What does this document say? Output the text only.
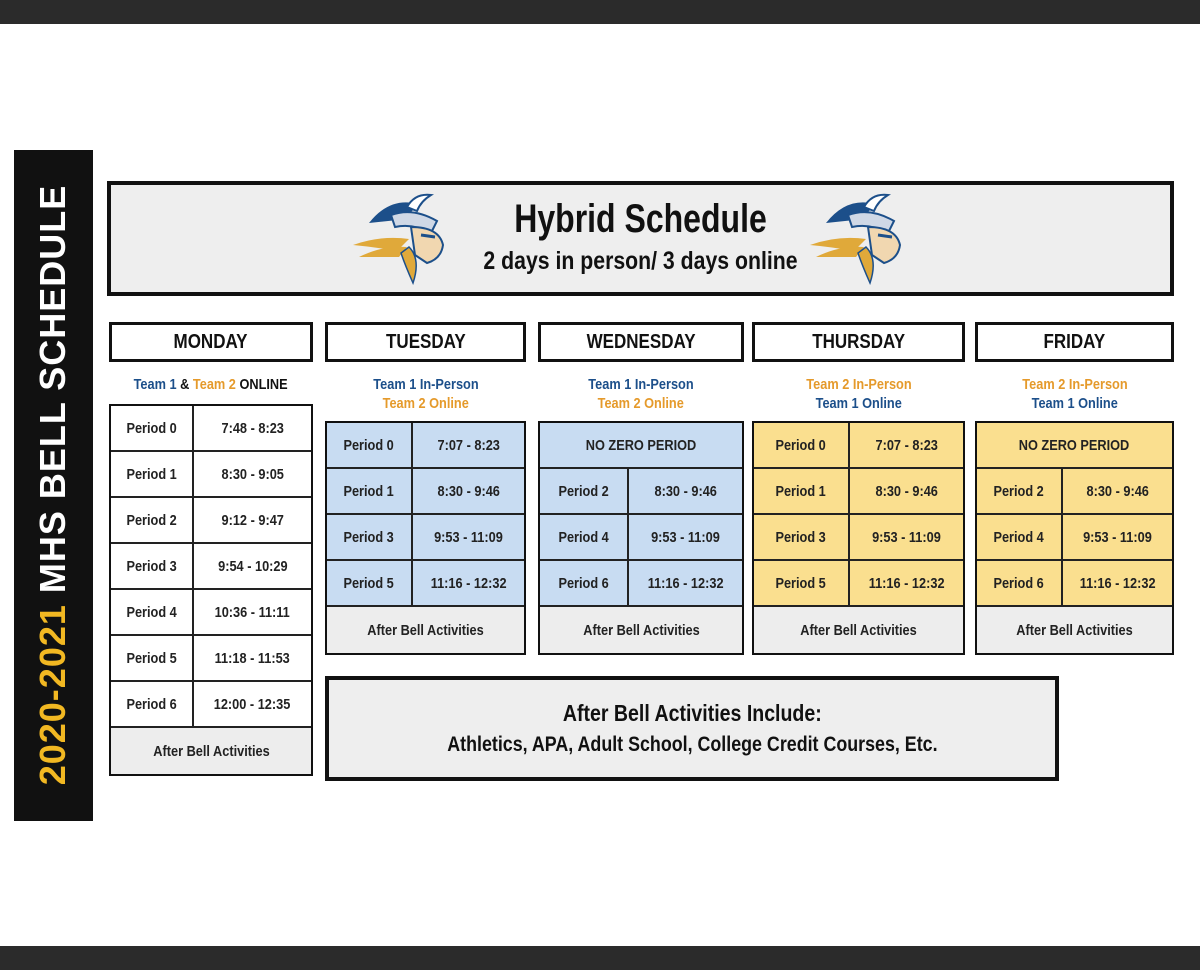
2020-2021 MHS BELL SCHEDULE	Hybrid Schedule
2 days in person/ 3 days online
MONDAY
Team 1 & Team 2 ONLINE
Period 0	7:48 - 8:23
Period 1	8:30 - 9:05
Period 2	9:12 - 9:47
Period 3	9:54 - 10:29
Period 4	10:36 - 11:11
Period 5	11:18 - 11:53
Period 6	12:00 - 12:35
After Bell Activities
TUESDAY
Team 1 In-Person
Team 2 Online
Period 0	7:07 - 8:23
Period 1	8:30 - 9:46
Period 3	9:53 - 11:09
Period 5 11:16 - 12:32
After Bell Activities
WEDNESDAY
Team 1 In-Person
Team 2 Online
NO ZERO PERIOD
Period 2	8:30 - 9:46
Period 4	9:53 - 11:09
Period 6	11:16 - 12:32
After Bell Activities
THURSDAY
Team 2 In-Person
Team 1 Online
Period 0	7:07 - 8:23
Period 1	8:30 - 9:46
Period 3	9:53 - 11:09
Period 5	11:16 - 12:32
After Bell Activities
FRIDAY
Team 2 In-Person
Team 1 Online
NO ZERO PERIOD
Period 2	8:30 - 9:46
Period 4	9:53 - 11:09
Period 6 11:16 - 12:32
After Bell Activities
After Bell Activities Include:
Athletics, APA, Adult School, College Credit Courses, Etc.
